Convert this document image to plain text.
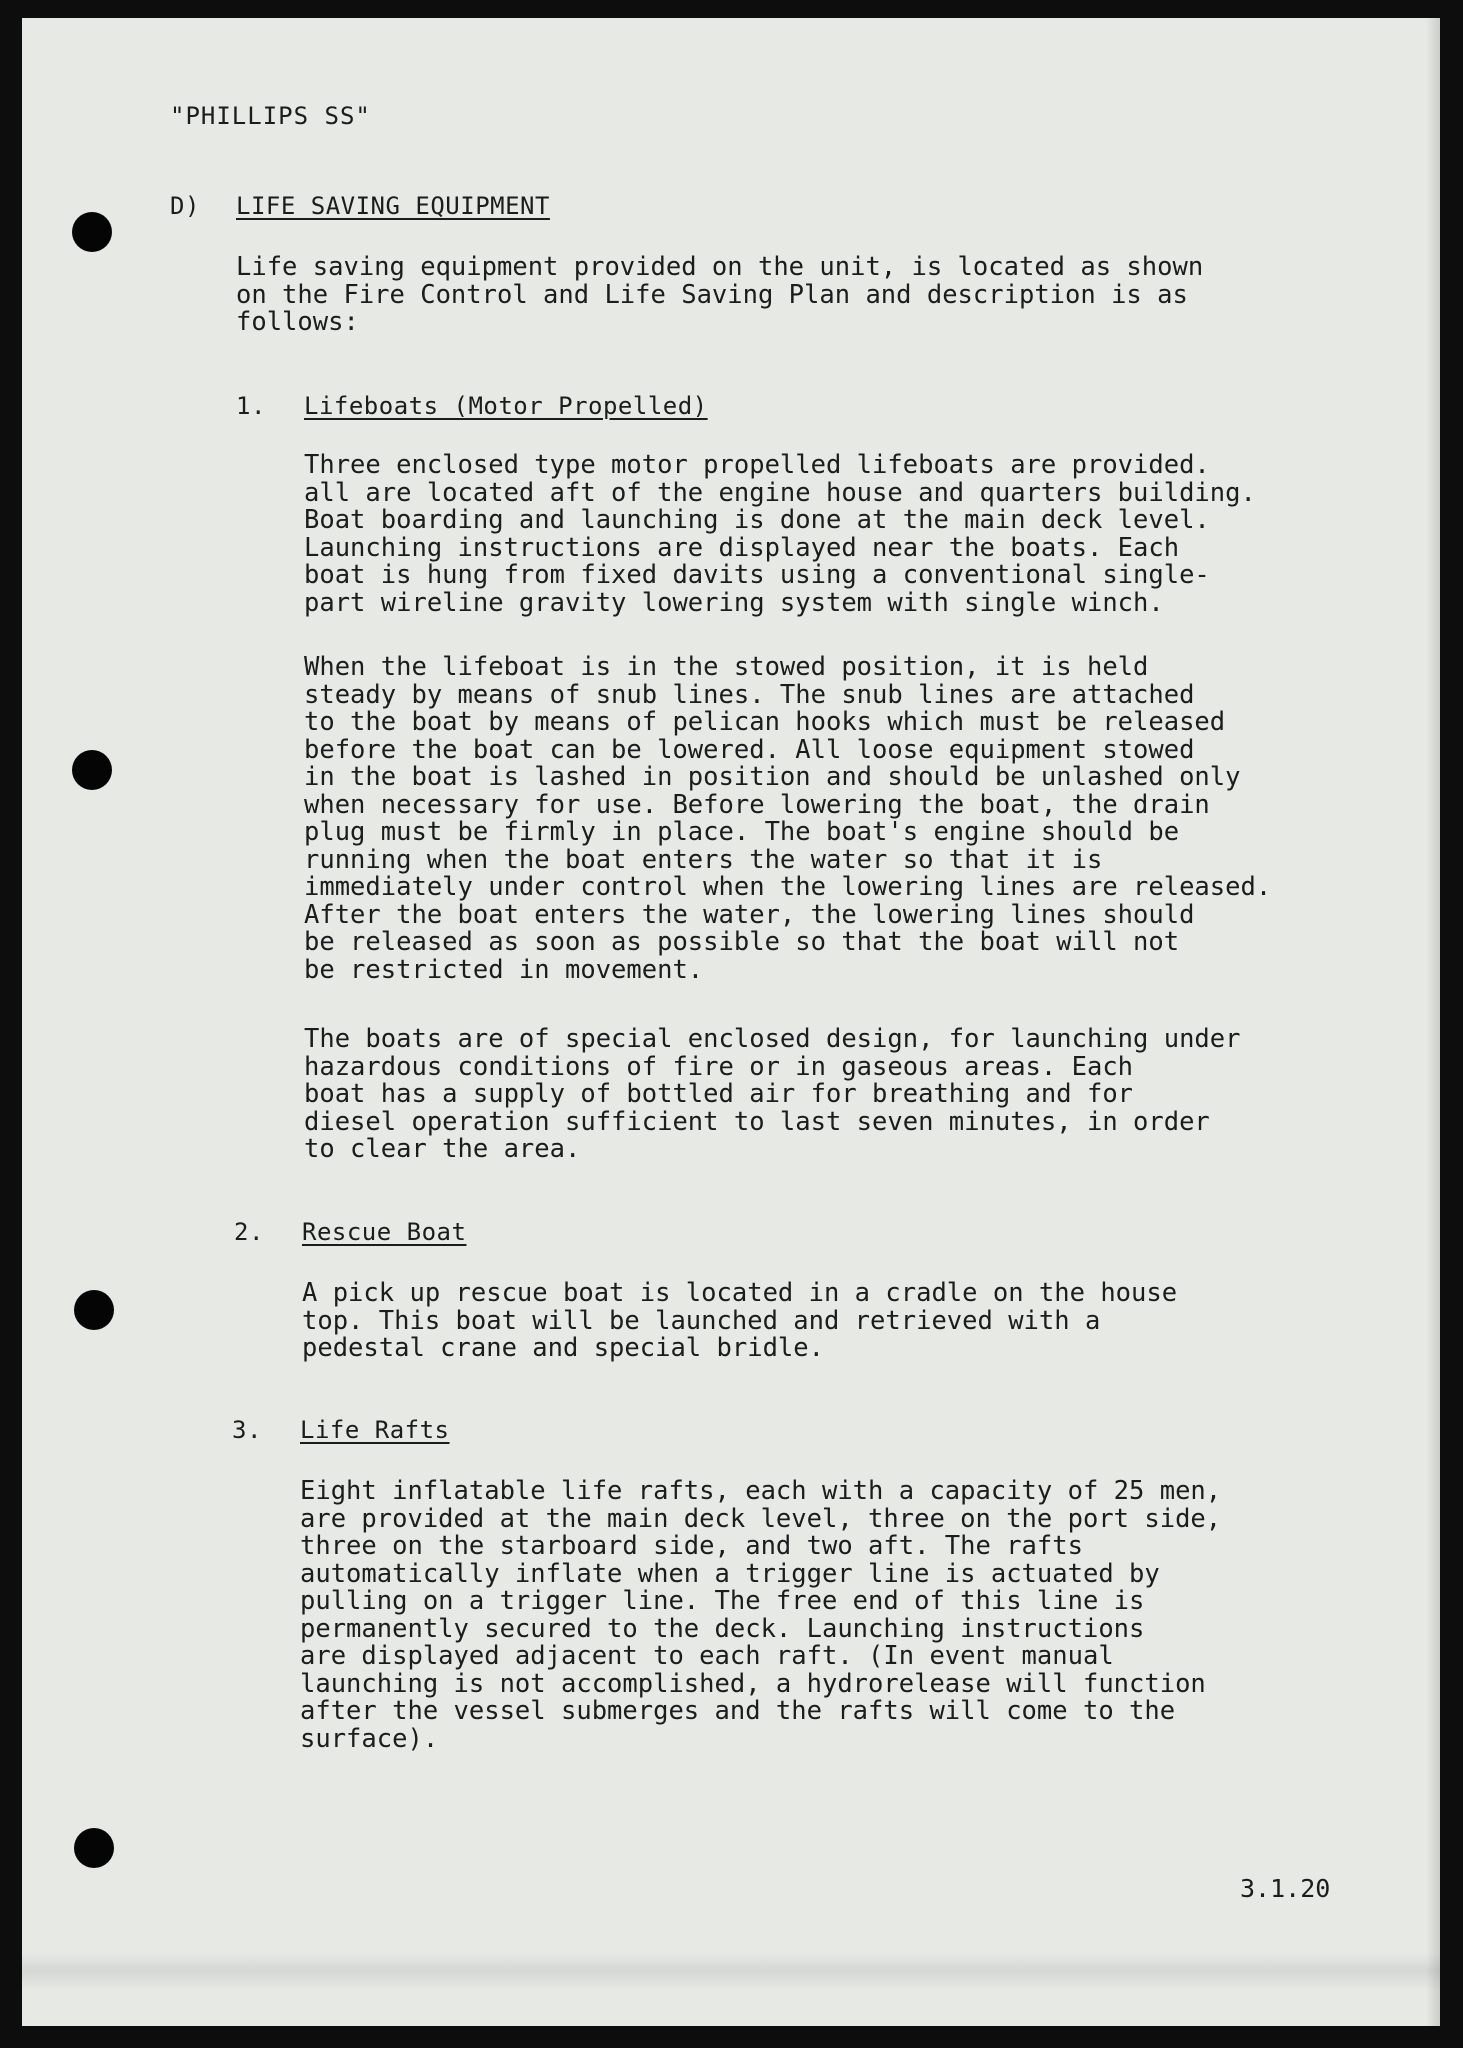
"PHILLIPS SS"

D) LIFE SAVING EQUIPMENT

Life saving equipment provided on the unit, is located as shown
on the Fire Control and Life Saving Plan and description is as
follows:

1. Lifeboats (Motor Propelled)

Three enclosed type motor propelled lifeboats are provided.
all are located aft of the engine house and quarters building.
Boat boarding and launching is done at the main deck level.
Launching instructions are displayed near the boats. Each
boat is hung from fixed davits using a conventional single-
part wireline gravity lowering system with single winch.
When the lifeboat is in the stowed position, it is held
steady by means of snub lines. The snub lines are attached
to the boat by means of pelican hooks which must be released
before the boat can be lowered. All loose equipment stowed
in the boat is lashed in position and should be unlashed only
when necessary for use. Before lowering the boat, the drain
plug must be firmly in place. The boat's engine should be
running when the boat enters the water so that it is
immediately under control when the lowering lines are released.
After the boat enters the water, the lowering lines should
be released as soon as possible so that the boat will not
be restricted in movement.
The boats are of special enclosed design, for launching under
hazardous conditions of fire or in gaseous areas. Each
boat has a supply of bottled air for breathing and for
diesel operation sufficient to last seven minutes, in order
to clear the area.

2. Rescue Boat

A pick up rescue boat is located in a cradle on the house
top. This boat will be launched and retrieved with a
pedestal crane and special bridle.

3. Life Rafts

Eight inflatable life rafts, each with a capacity of 25 men,
are provided at the main deck level, three on the port side,
three on the starboard side, and two aft. The rafts
automatically inflate when a trigger line is actuated by
pulling on a trigger line. The free end of this line is
permanently secured to the deck. Launching instructions
are displayed adjacent to each raft. (In event manual
launching is not accomplished, a hydrorelease will function
after the vessel submerges and the rafts will come to the
surface).

3.1.20
